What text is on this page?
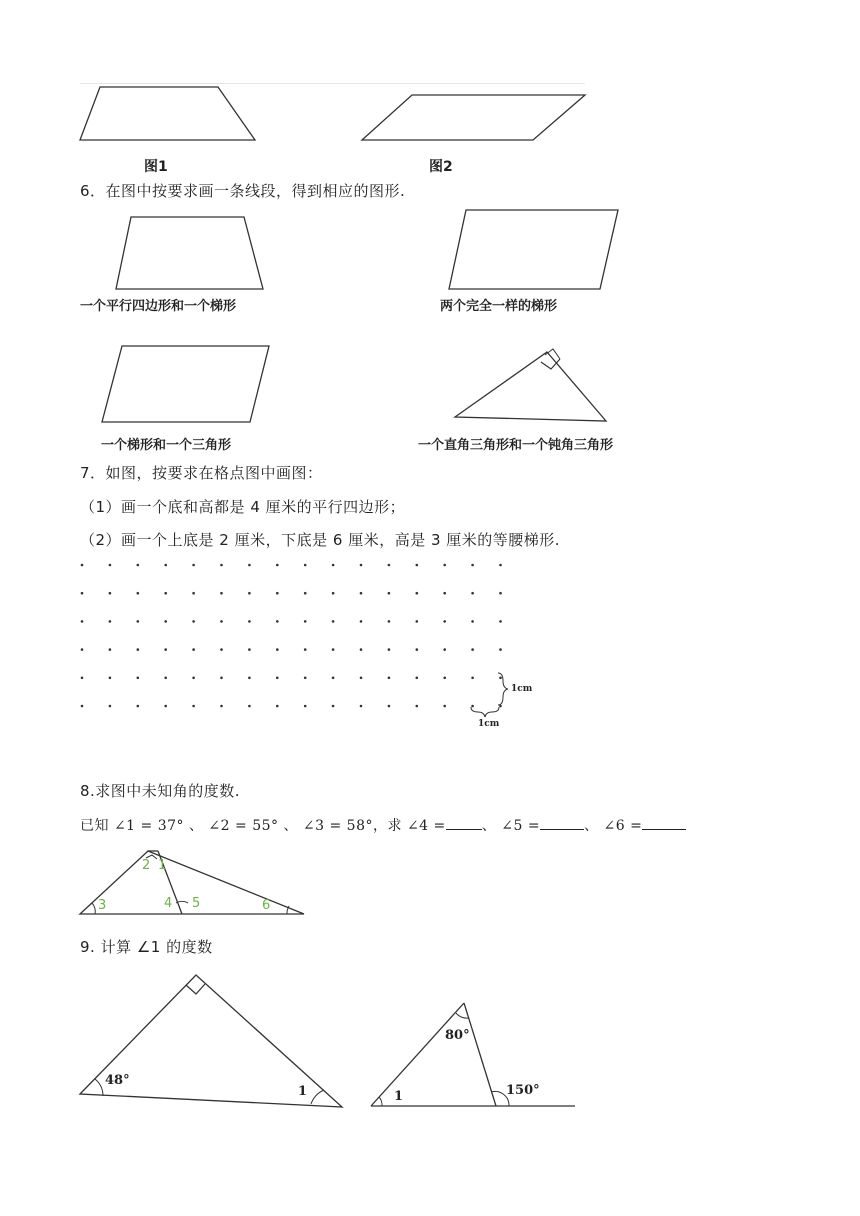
图1	图2
6．在图中按要求画一条线段，得到相应的图形.
一个平行四边形和一个梯形	两个完全一样的梯形
一个梯形和一个三角形	一个直角三角形和一个钝角三角形
7．如图，按要求在格点图中画图：
（1）画一个底和高都是 4 厘米的平行四边形；
（2）画一个上底是 2 厘米，下底是 6 厘米，高是 3 厘米的等腰梯形.
1cm
1cm
8.求图中未知角的度数.
已知 ∠1 = 37° 、 ∠2 = 55° 、 ∠3 = 58°，求 ∠4 =	、 ∠5 =	、 ∠6 =
2 1
3	4 5	6
9. 计算 ∠1 的度数
48°
1
80°
1	150°
